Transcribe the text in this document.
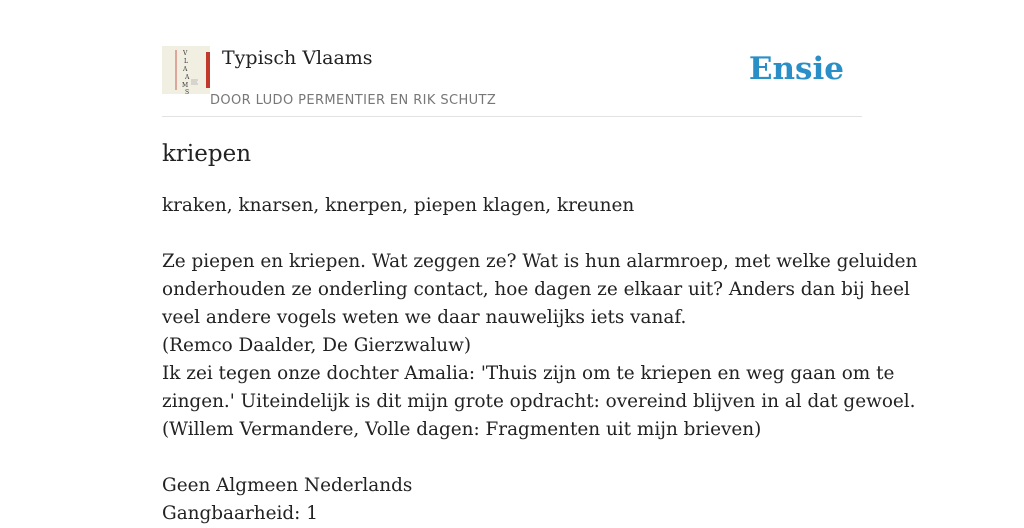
V
L
A
A
M
S
Typisch Vlaams
DOOR LUDO PERMENTIER EN RIK SCHUTZ
Ensie
kriepen
kraken, knarsen, knerpen, piepen klagen, kreunen
Ze piepen en kriepen. Wat zeggen ze? Wat is hun alarmroep, met welke geluiden
onderhouden ze onderling contact, hoe dagen ze elkaar uit? Anders dan bij heel
veel andere vogels weten we daar nauwelijks iets vanaf.
(Remco Daalder, De Gierzwaluw)
Ik zei tegen onze dochter Amalia: 'Thuis zijn om te kriepen en weg gaan om te
zingen.' Uiteindelijk is dit mijn grote opdracht: overeind blijven in al dat gewoel.
(Willem Vermandere, Volle dagen: Fragmenten uit mijn brieven)
Geen Algmeen Nederlands
Gangbaarheid: 1
